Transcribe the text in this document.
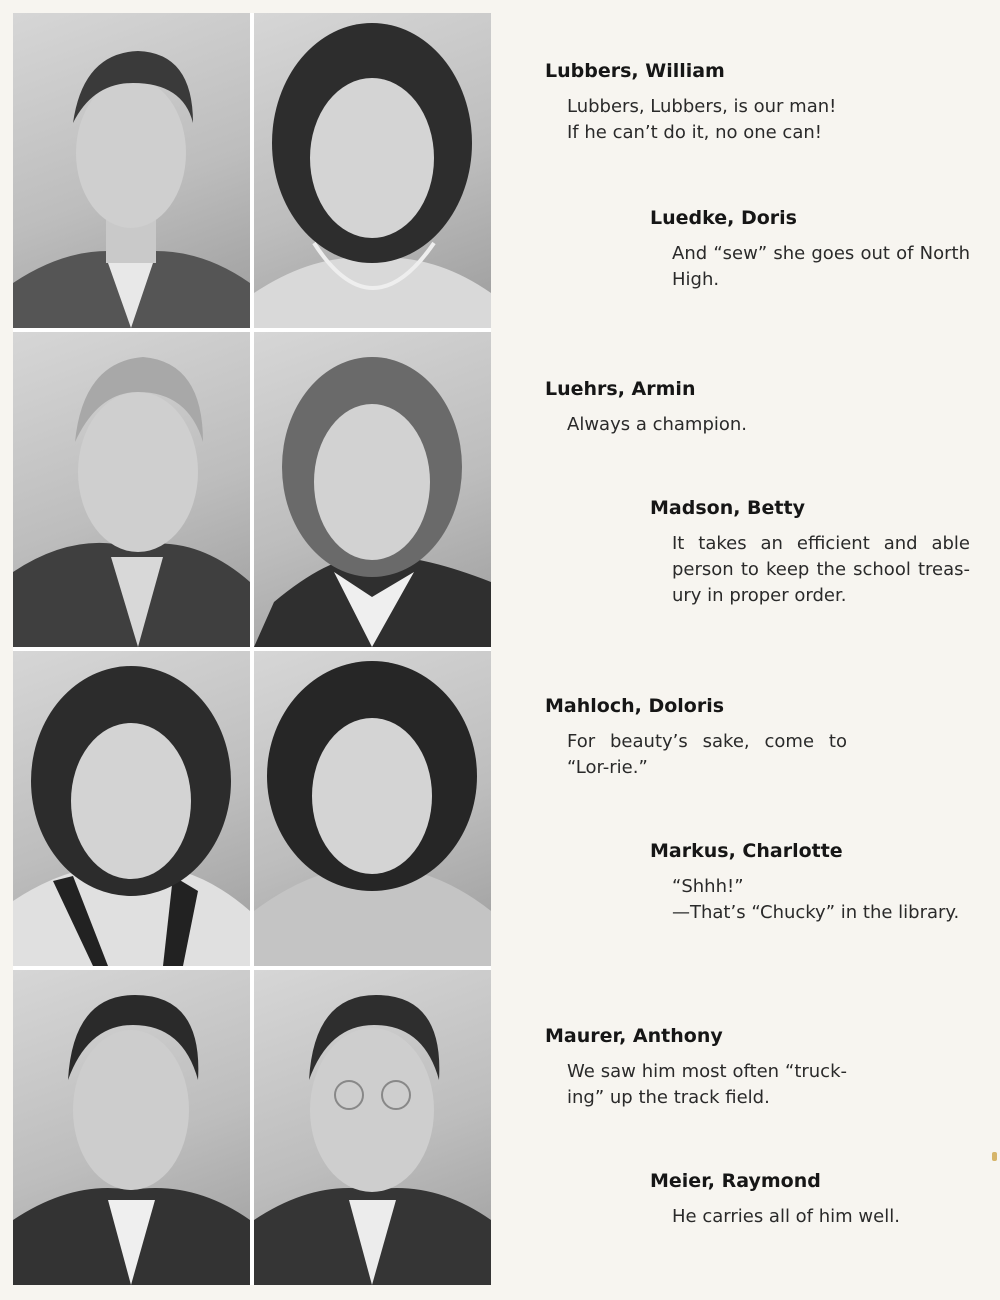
Lubbers, William
Lubbers, Lubbers, is our man!
If he can’t do it, no one can!
Luedke, Doris
And “sew” she goes out of North High.
Luehrs, Armin
Always a champion.
Madson, Betty
It takes an efficient and able person to keep the school treas-ury in proper order.
Mahloch, Doloris
For beauty’s sake, come to “Lor-rie.”
Markus, Charlotte
“Shhh!”
—That’s “Chucky” in the library.
Maurer, Anthony
We saw him most often “truck-ing” up the track field.
Meier, Raymond
He carries all of him well.
